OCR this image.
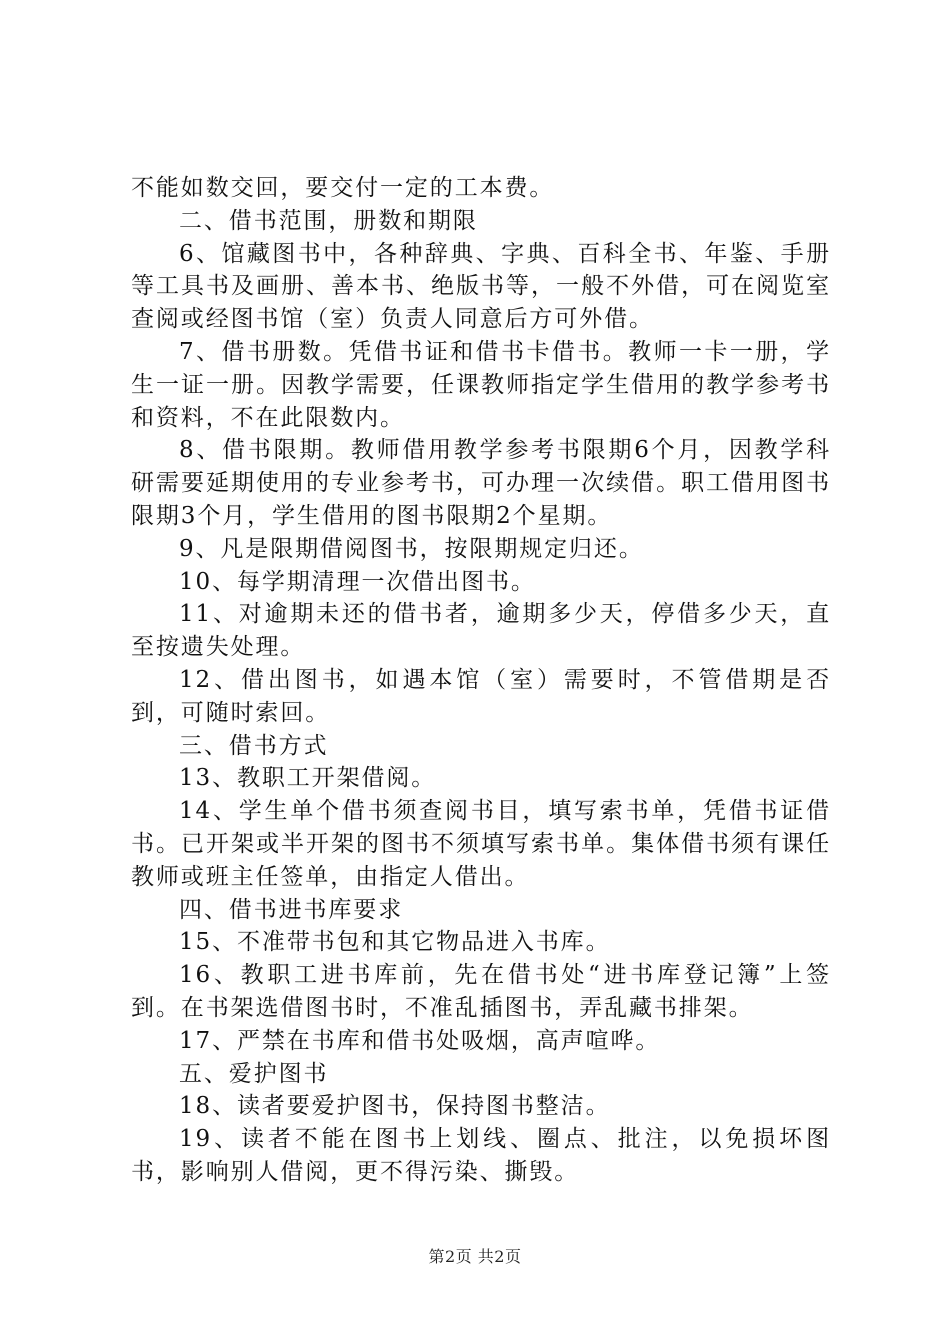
不能如数交回，要交付一定的工本费。

二、借书范围，册数和期限

6、馆藏图书中，各种辞典、字典、百科全书、年鉴、手册等工具书及画册、善本书、绝版书等，一般不外借，可在阅览室查阅或经图书馆（室）负责人同意后方可外借。

7、借书册数。凭借书证和借书卡借书。教师一卡一册，学生一证一册。因教学需要，任课教师指定学生借用的教学参考书和资料，不在此限数内。

8、借书限期。教师借用教学参考书限期6个月，因教学科研需要延期使用的专业参考书，可办理一次续借。职工借用图书限期3个月，学生借用的图书限期2个星期。

9、凡是限期借阅图书，按限期规定归还。

10、每学期清理一次借出图书。

11、对逾期未还的借书者，逾期多少天，停借多少天，直至按遗失处理。

12、借出图书，如遇本馆（室）需要时，不管借期是否到，可随时索回。

三、借书方式

13、教职工开架借阅。

14、学生单个借书须查阅书目，填写索书单，凭借书证借书。已开架或半开架的图书不须填写索书单。集体借书须有课任教师或班主任签单，由指定人借出。

四、借书进书库要求

15、不准带书包和其它物品进入书库。

16、教职工进书库前，先在借书处“进书库登记簿”上签到。在书架选借图书时，不准乱插图书，弄乱藏书排架。

17、严禁在书库和借书处吸烟，高声喧哗。

五、爱护图书

18、读者要爱护图书，保持图书整洁。

19、读者不能在图书上划线、圈点、批注，以免损坏图书，影响别人借阅，更不得污染、撕毁。

第2页 共2页
